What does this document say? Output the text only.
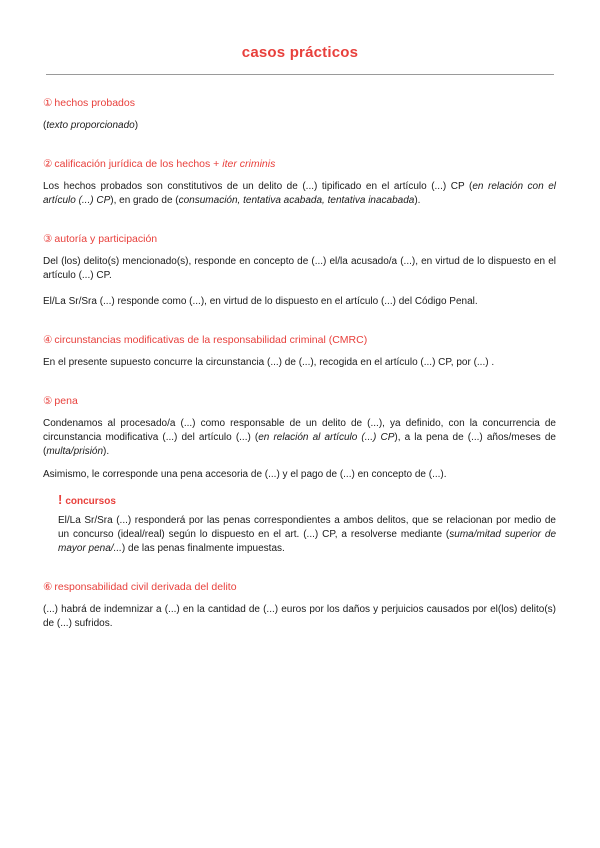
casos prácticos
① hechos probados

(texto proporcionado)

② calificación jurídica de los hechos + iter criminis

Los hechos probados son constitutivos de un delito de (...) tipificado en el artículo (...) CP (en relación con el artículo (...) CP), en grado de (consumación, tentativa acabada, tentativa inacabada).

③ autoría y participación

Del (los) delito(s) mencionado(s), responde en concepto de (...) el/la acusado/a (...), en virtud de lo dispuesto en el artículo (...) CP.

El/La Sr/Sra (...) responde como (...), en virtud de lo dispuesto en el artículo (...) del Código Penal.

④ circunstancias modificativas de la responsabilidad criminal (CMRC)

En el presente supuesto concurre la circunstancia (...) de (...), recogida en el artículo (...) CP, por (...) .

⑤ pena

Condenamos al procesado/a (...) como responsable de un delito de (...), ya definido, con la concurrencia de circunstancia modificativa (...) del artículo (...) (en relación al artículo (...) CP), a la pena de (...) años/meses de (multa/prisión).

Asimismo, le corresponde una pena accesoria de (...) y el pago de (...) en concepto de (...).

! concursos

El/La Sr/Sra (...) responderá por las penas correspondientes a ambos delitos, que se relacionan por medio de un concurso (ideal/real) según lo dispuesto en el art. (...) CP, a resolverse mediante (suma/mitad superior de mayor pena/...) de las penas finalmente impuestas.

⑥ responsabilidad civil derivada del delito

(...) habrá de indemnizar a (...) en la cantidad de (...) euros por los daños y perjuicios causados por el(los) delito(s) de (...) sufridos.
